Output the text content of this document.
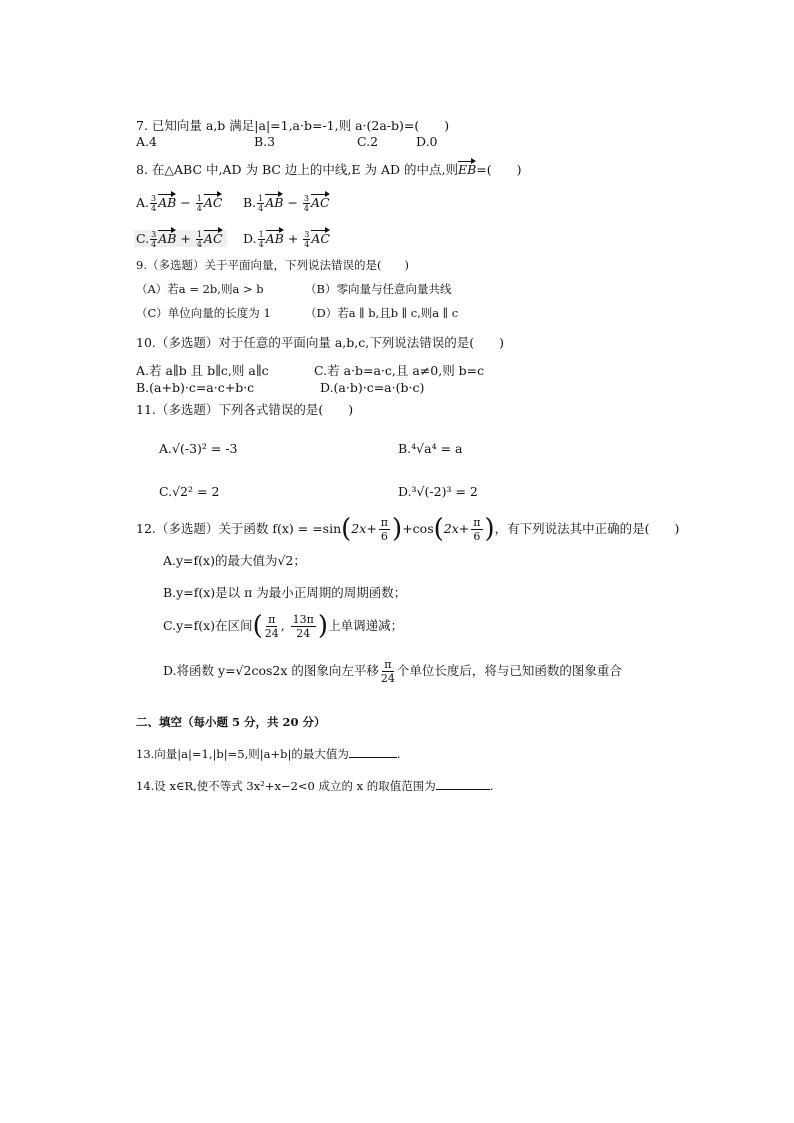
7. 已知向量 a,b 满足|a|=1,a·b=-1,则 a·(2a-b)=(　　)
A.4	B.3	C.2	D.0
8. 在△ABC 中,AD 为 BC 边上的中线,E 为 AD 的中点,则EB=(　　)
A. $\frac{3}{4}$ AB − $\frac{1}{4}$ AC B. $\frac{1}{4}$ AB − $\frac{3}{4}$ AC
C. $\frac{3}{4}$ AB + $\frac{1}{4}$ AC	D. $\frac{1}{4}$ AB + $\frac{3}{4}$ AC
9.（多选题）关于平面向量，下列说法错误的是(　　)
（A）若a = 2b,则a > b	（B）零向量与任意向量共线
（C）单位向量的长度为 1	（D）若a ∥ b,且b ∥ c,则a ∥ c
10.（多选题）对于任意的平面向量 a,b,c,下列说法错误的是(　　)
A.若 a∥b 且 b∥c,则 a∥c	C.若 a·b=a·c,且 a≠0,则 b=c
B.(a+b)·c=a·c+b·c	D.(a·b)·c=a·(b·c)
11.（多选题）下列各式错误的是(　　)
A.√(-3)² = -3	B.⁴√a⁴ = a
C.√2² = 2	D.³√(-2)³ = 2
12.（多选题）关于函数 $f(x) = =\sin(2x+ \frac{\pi}{6} )+\cos(2x+ \frac{\pi}{6}$ )，有下列说法其中正确的是(　　)
A.y=f(x)的最大值为√2；
B.y=f(x)是以 π 为最小正周期的周期函数；
C.y=f(x)在区间( $\frac{\pi}{24}$ , $\frac{13\pi}{24}$ )上单调递减；
D.将函数 y=√2cos2x 的图象向左平移 $\frac{\pi}{24}$ 个单位长度后，将与已知函数的图象重合
二、填空（每小题 5 分，共 20 分）
13.向量|a|=1,|b|=5,则|a+b|的最大值为	.
14.设 x∈R,使不等式 3x²+x−2<0 成立的 x 的取值范围为	.
